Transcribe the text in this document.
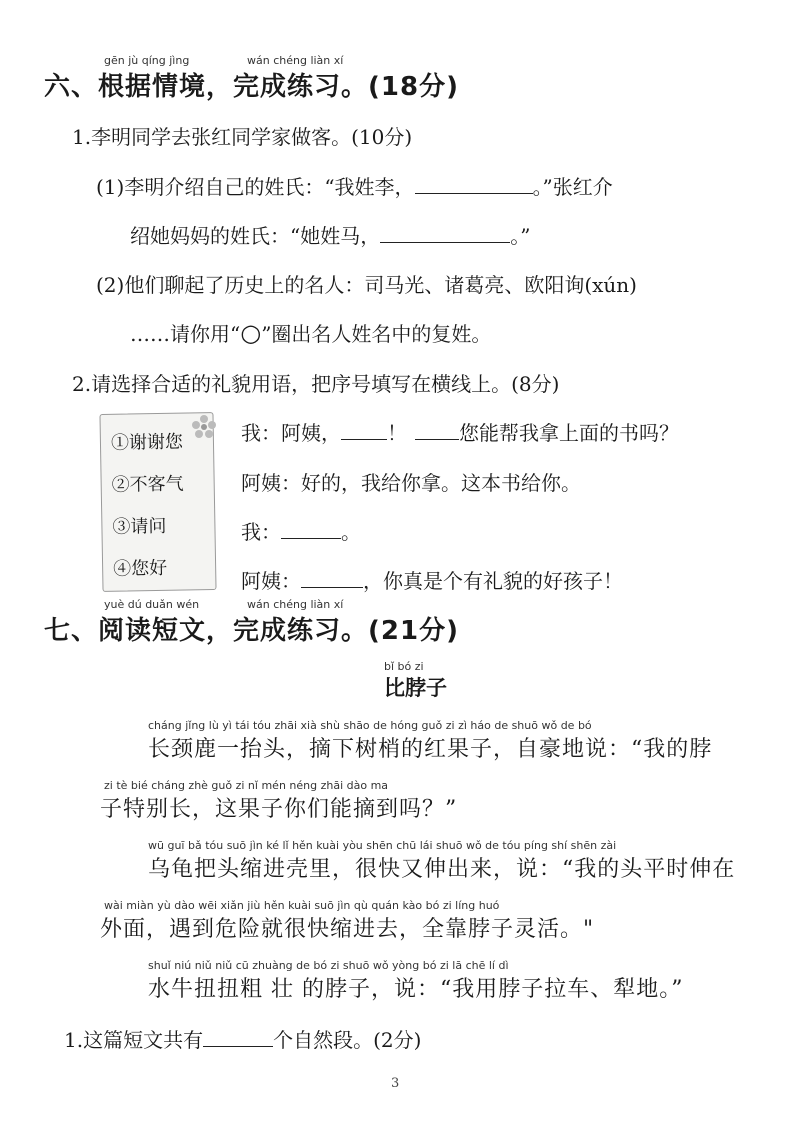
gēn jù qíng jìng	wán chéng liàn xí
六、根据情境，完成练习。(18分)
1.李明同学去张红同学家做客。(10分)
(1)李明介绍自己的姓氏：“我姓李，	。”张红介
绍她妈妈的姓氏：“她姓马，	。”
(2)他们聊起了历史上的名人：司马光、诸葛亮、欧阳询(xún)
……请你用“○”圈出名人姓名中的复姓。
2.请选择合适的礼貌用语，把序号填写在横线上。(8分)
①谢谢您
②不客气
③请问
④您好
我：阿姨， ！	您能帮我拿上面的书吗？
阿姨：好的，我给你拿。这本书给你。
我：	。
阿姨：	，你真是个有礼貌的好孩子！
yuè dú duǎn wén	wán chéng liàn xí
七、阅读短文，完成练习。(21分)
bǐ bó zi
比脖子
cháng jǐng lù yì tái tóu zhāi xià shù shāo de hóng guǒ zi zì háo de shuō wǒ de bó
长颈鹿一抬头，摘下树梢的红果子，自豪地说：“我的脖
zi tè bié cháng zhè guǒ zi nǐ mén néng zhāi dào ma
子特别长，这果子你们能摘到吗？”
wū guī bǎ tóu suō jìn ké lǐ hěn kuài yòu shēn chū lái shuō wǒ de tóu píng shí shēn zài
乌龟把头缩进壳里，很快又伸出来，说：“我的头平时伸在
wài miàn yù dào wēi xiǎn jiù hěn kuài suō jìn qù quán kào bó zi líng huó
外面，遇到危险就很快缩进去，全靠脖子灵活。"
shuǐ niú niǔ niǔ cū zhuàng de bó zi shuō wǒ yòng bó zi lā chē lí dì
水牛扭扭粗 壮 的脖子，说：“我用脖子拉车、犁地。”
1.这篇短文共有	个自然段。(2分)
3
